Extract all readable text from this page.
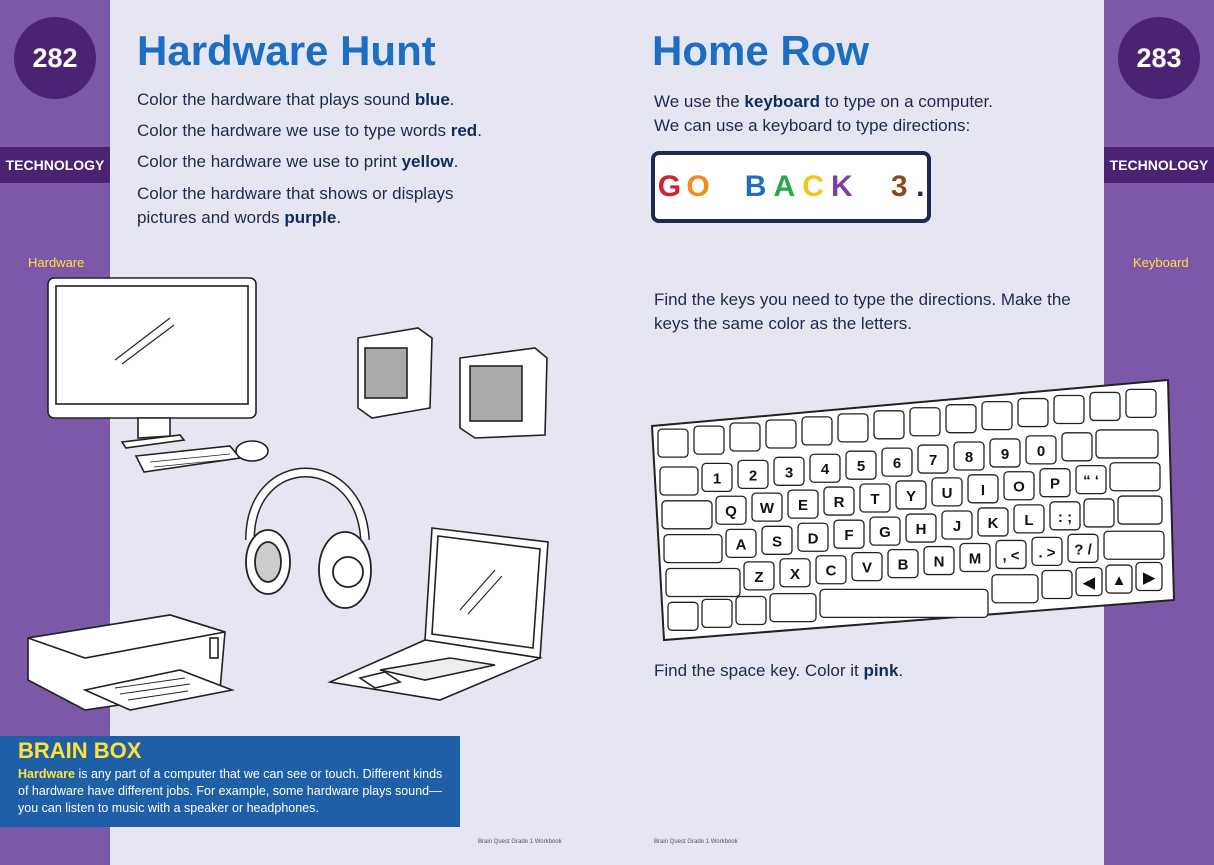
282	283
TECHNOLOGY	TECHNOLOGY
Hardware	Keyboard
Hardware Hunt
Color the hardware that plays sound blue.
Color the hardware we use to type words red.
Color the hardware we use to print yellow.
Color the hardware that shows or displays pictures and words purple.
BRAIN BOX
Hardware is any part of a computer that we can see or touch. Different kinds of hardware have different jobs. For example, some hardware plays sound—you can listen to music with a speaker or headphones.
Brain Quest Grade 1 Workbook
Home Row
We use the keyboard to type on a computer.
We can use a keyboard to type directions:
G O B A C K 3 .
Find the keys you need to type the directions. Make the keys the same color as the letters.
1 2 3 4 5 6 7 8 9 0
Q W E R T Y U I O P “ ‘
A S D F G H J K L : ;
Z X C V B N M , < . > ? /
◀ ▲ ▶
Find the space key. Color it pink.
Brain Quest Grade 1 Workbook
